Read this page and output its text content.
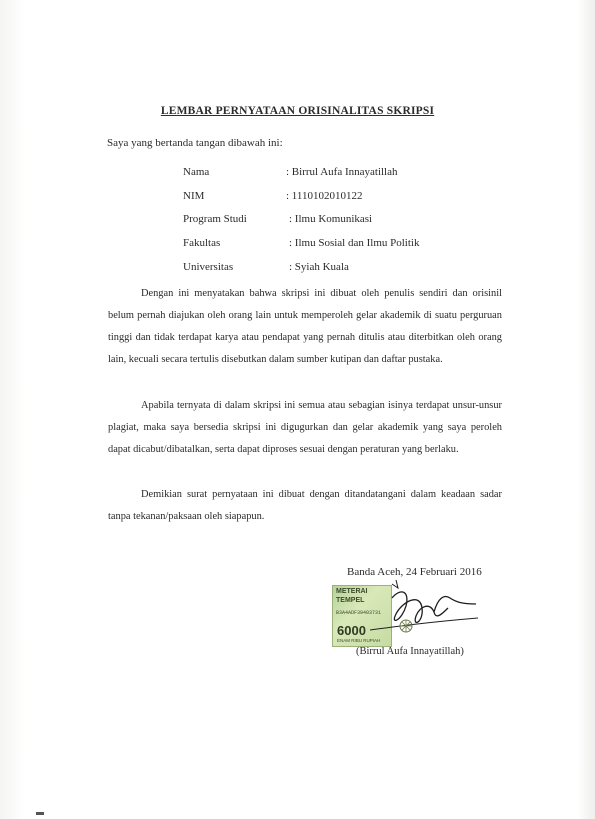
LEMBAR PERNYATAAN ORISINALITAS SKRIPSI
Saya yang bertanda tangan dibawah ini:
Nama	: Birrul Aufa Innayatillah
NIM	: 1110102010122
Program Studi	: Ilmu Komunikasi
Fakultas	: Ilmu Sosial dan Ilmu Politik
Universitas	: Syiah Kuala
Dengan ini menyatakan bahwa skripsi ini dibuat oleh penulis sendiri dan orisinil belum pernah diajukan oleh orang lain untuk memperoleh gelar akademik di suatu perguruan tinggi dan tidak terdapat karya atau pendapat yang pernah ditulis atau diterbitkan oleh orang lain, kecuali secara tertulis disebutkan dalam sumber kutipan dan daftar pustaka.
Apabila ternyata di dalam skripsi ini semua atau sebagian isinya terdapat unsur-unsur plagiat, maka saya bersedia skripsi ini digugurkan dan gelar akademik yang saya peroleh dapat dicabut/dibatalkan, serta dapat diproses sesuai dengan peraturan yang berlaku.
Demikian surat pernyataan ini dibuat dengan ditandatangani dalam keadaan sadar tanpa tekanan/paksaan oleh siapapun.
Banda Aceh, 24 Februari 2016
METERAI
TEMPEL
B3A4ADF39403731
6000
ENAM RIBU RUPIAH
(Birrul Aufa Innayatillah)
